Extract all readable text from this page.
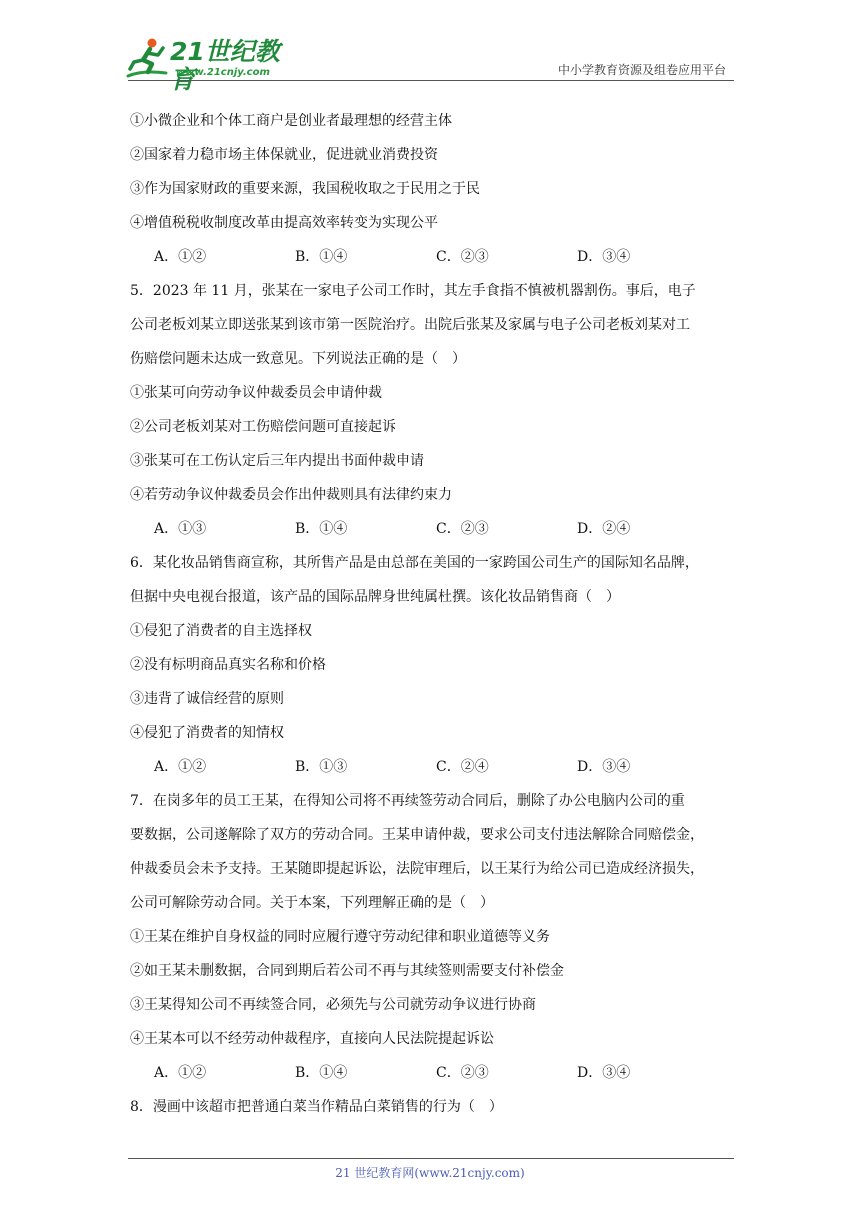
21世纪教育
www.21cnjy.com	中小学教育资源及组卷应用平台
①小微企业和个体工商户是创业者最理想的经营主体
②国家着力稳市场主体保就业，促进就业消费投资
③作为国家财政的重要来源，我国税收取之于民用之于民
④增值税税收制度改革由提高效率转变为实现公平
A．①②	B．①④	C．②③	D．③④
5．2023 年 11 月，张某在一家电子公司工作时，其左手食指不慎被机器割伤。事后，电子
公司老板刘某立即送张某到该市第一医院治疗。出院后张某及家属与电子公司老板刘某对工
伤赔偿问题未达成一致意见。下列说法正确的是（　）
①张某可向劳动争议仲裁委员会申请仲裁
②公司老板刘某对工伤赔偿问题可直接起诉
③张某可在工伤认定后三年内提出书面仲裁申请
④若劳动争议仲裁委员会作出仲裁则具有法律约束力
A．①③	B．①④	C．②③	D．②④
6．某化妆品销售商宣称，其所售产品是由总部在美国的一家跨国公司生产的国际知名品牌，
但据中央电视台报道，该产品的国际品牌身世纯属杜撰。该化妆品销售商（　）
①侵犯了消费者的自主选择权
②没有标明商品真实名称和价格
③违背了诚信经营的原则
④侵犯了消费者的知情权
A．①②	B．①③	C．②④	D．③④
7．在岗多年的员工王某，在得知公司将不再续签劳动合同后，删除了办公电脑内公司的重
要数据，公司遂解除了双方的劳动合同。王某申请仲裁，要求公司支付违法解除合同赔偿金，
仲裁委员会未予支持。王某随即提起诉讼，法院审理后，以王某行为给公司已造成经济损失，
公司可解除劳动合同。关于本案，下列理解正确的是（　）
①王某在维护自身权益的同时应履行遵守劳动纪律和职业道德等义务
②如王某未删数据，合同到期后若公司不再与其续签则需要支付补偿金
③王某得知公司不再续签合同，必须先与公司就劳动争议进行协商
④王某本可以不经劳动仲裁程序，直接向人民法院提起诉讼
A．①②	B．①④	C．②③	D．③④
8．漫画中该超市把普通白菜当作精品白菜销售的行为（　）
21 世纪教育网(www.21cnjy.com)
